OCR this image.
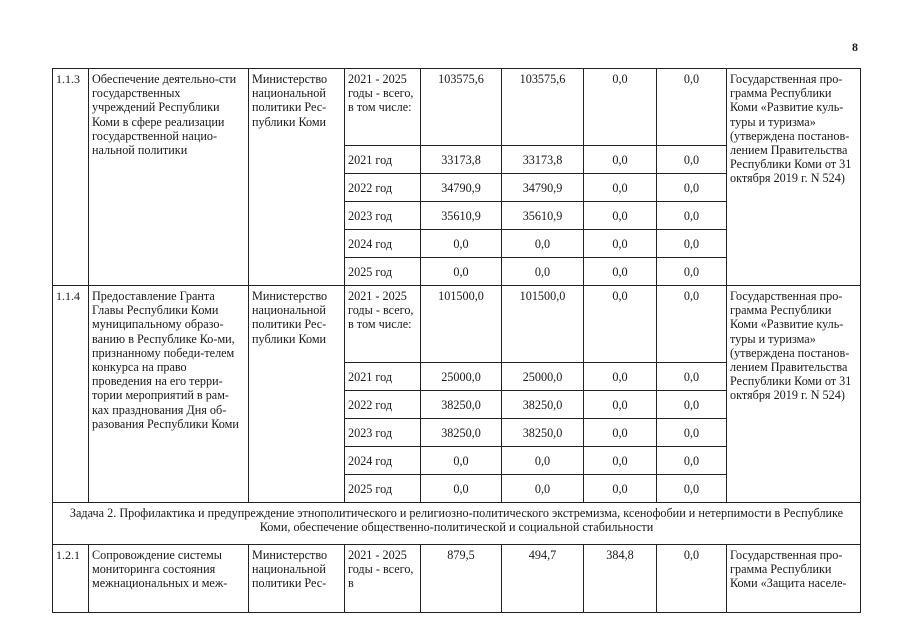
8
1.1.3	Обеспечение деятельно-сти государственных учреждений Республики Коми в сфере реализации государственной нацио-нальной политики	Министерство национальной политики Рес-публики Коми	2021 - 2025 годы - всего, в том числе:	103575,6	103575,6	0,0	0,0	Государственная про-грамма Республики Коми «Развитие куль-туры и туризма» (утверждена постанов-лением Правительства Республики Коми от 31 октября 2019 г. N 524)
			2021 год	33173,8	33173,8	0,0	0,0	
			2022 год	34790,9	34790,9	0,0	0,0	
			2023 год	35610,9	35610,9	0,0	0,0	
			2024 год	0,0	0,0	0,0	0,0	
			2025 год	0,0	0,0	0,0	0,0	
1.1.4	Предоставление Гранта Главы Республики Коми муниципальному образо-ванию в Республике Ко-ми, признанному победи-телем конкурса на право проведения на его терри-тории мероприятий в рам-ках празднования Дня об-разования Республики Коми	Министерство национальной политики Рес-публики Коми	2021 - 2025 годы - всего, в том числе:	101500,0	101500,0	0,0	0,0	Государственная про-грамма Республики Коми «Развитие куль-туры и туризма» (утверждена постанов-лением Правительства Республики Коми от 31 октября 2019 г. N 524)
			2021 год	25000,0	25000,0	0,0	0,0	
			2022 год	38250,0	38250,0	0,0	0,0	
			2023 год	38250,0	38250,0	0,0	0,0	
			2024 год	0,0	0,0	0,0	0,0	
			2025 год	0,0	0,0	0,0	0,0	
Задача 2. Профилактика и предупреждение этнополитического и религиозно-политического экстремизма, ксенофобии и нетерпимости в Республике Коми, обеспечение общественно-политической и социальной стабильности								
1.2.1	Сопровождение системы мониторинга состояния межнациональных и меж-	Министерство национальной политики Рес-	2021 - 2025 годы - всего, в	879,5	494,7	384,8	0,0	Государственная про-грамма Республики Коми «Защита населе-
